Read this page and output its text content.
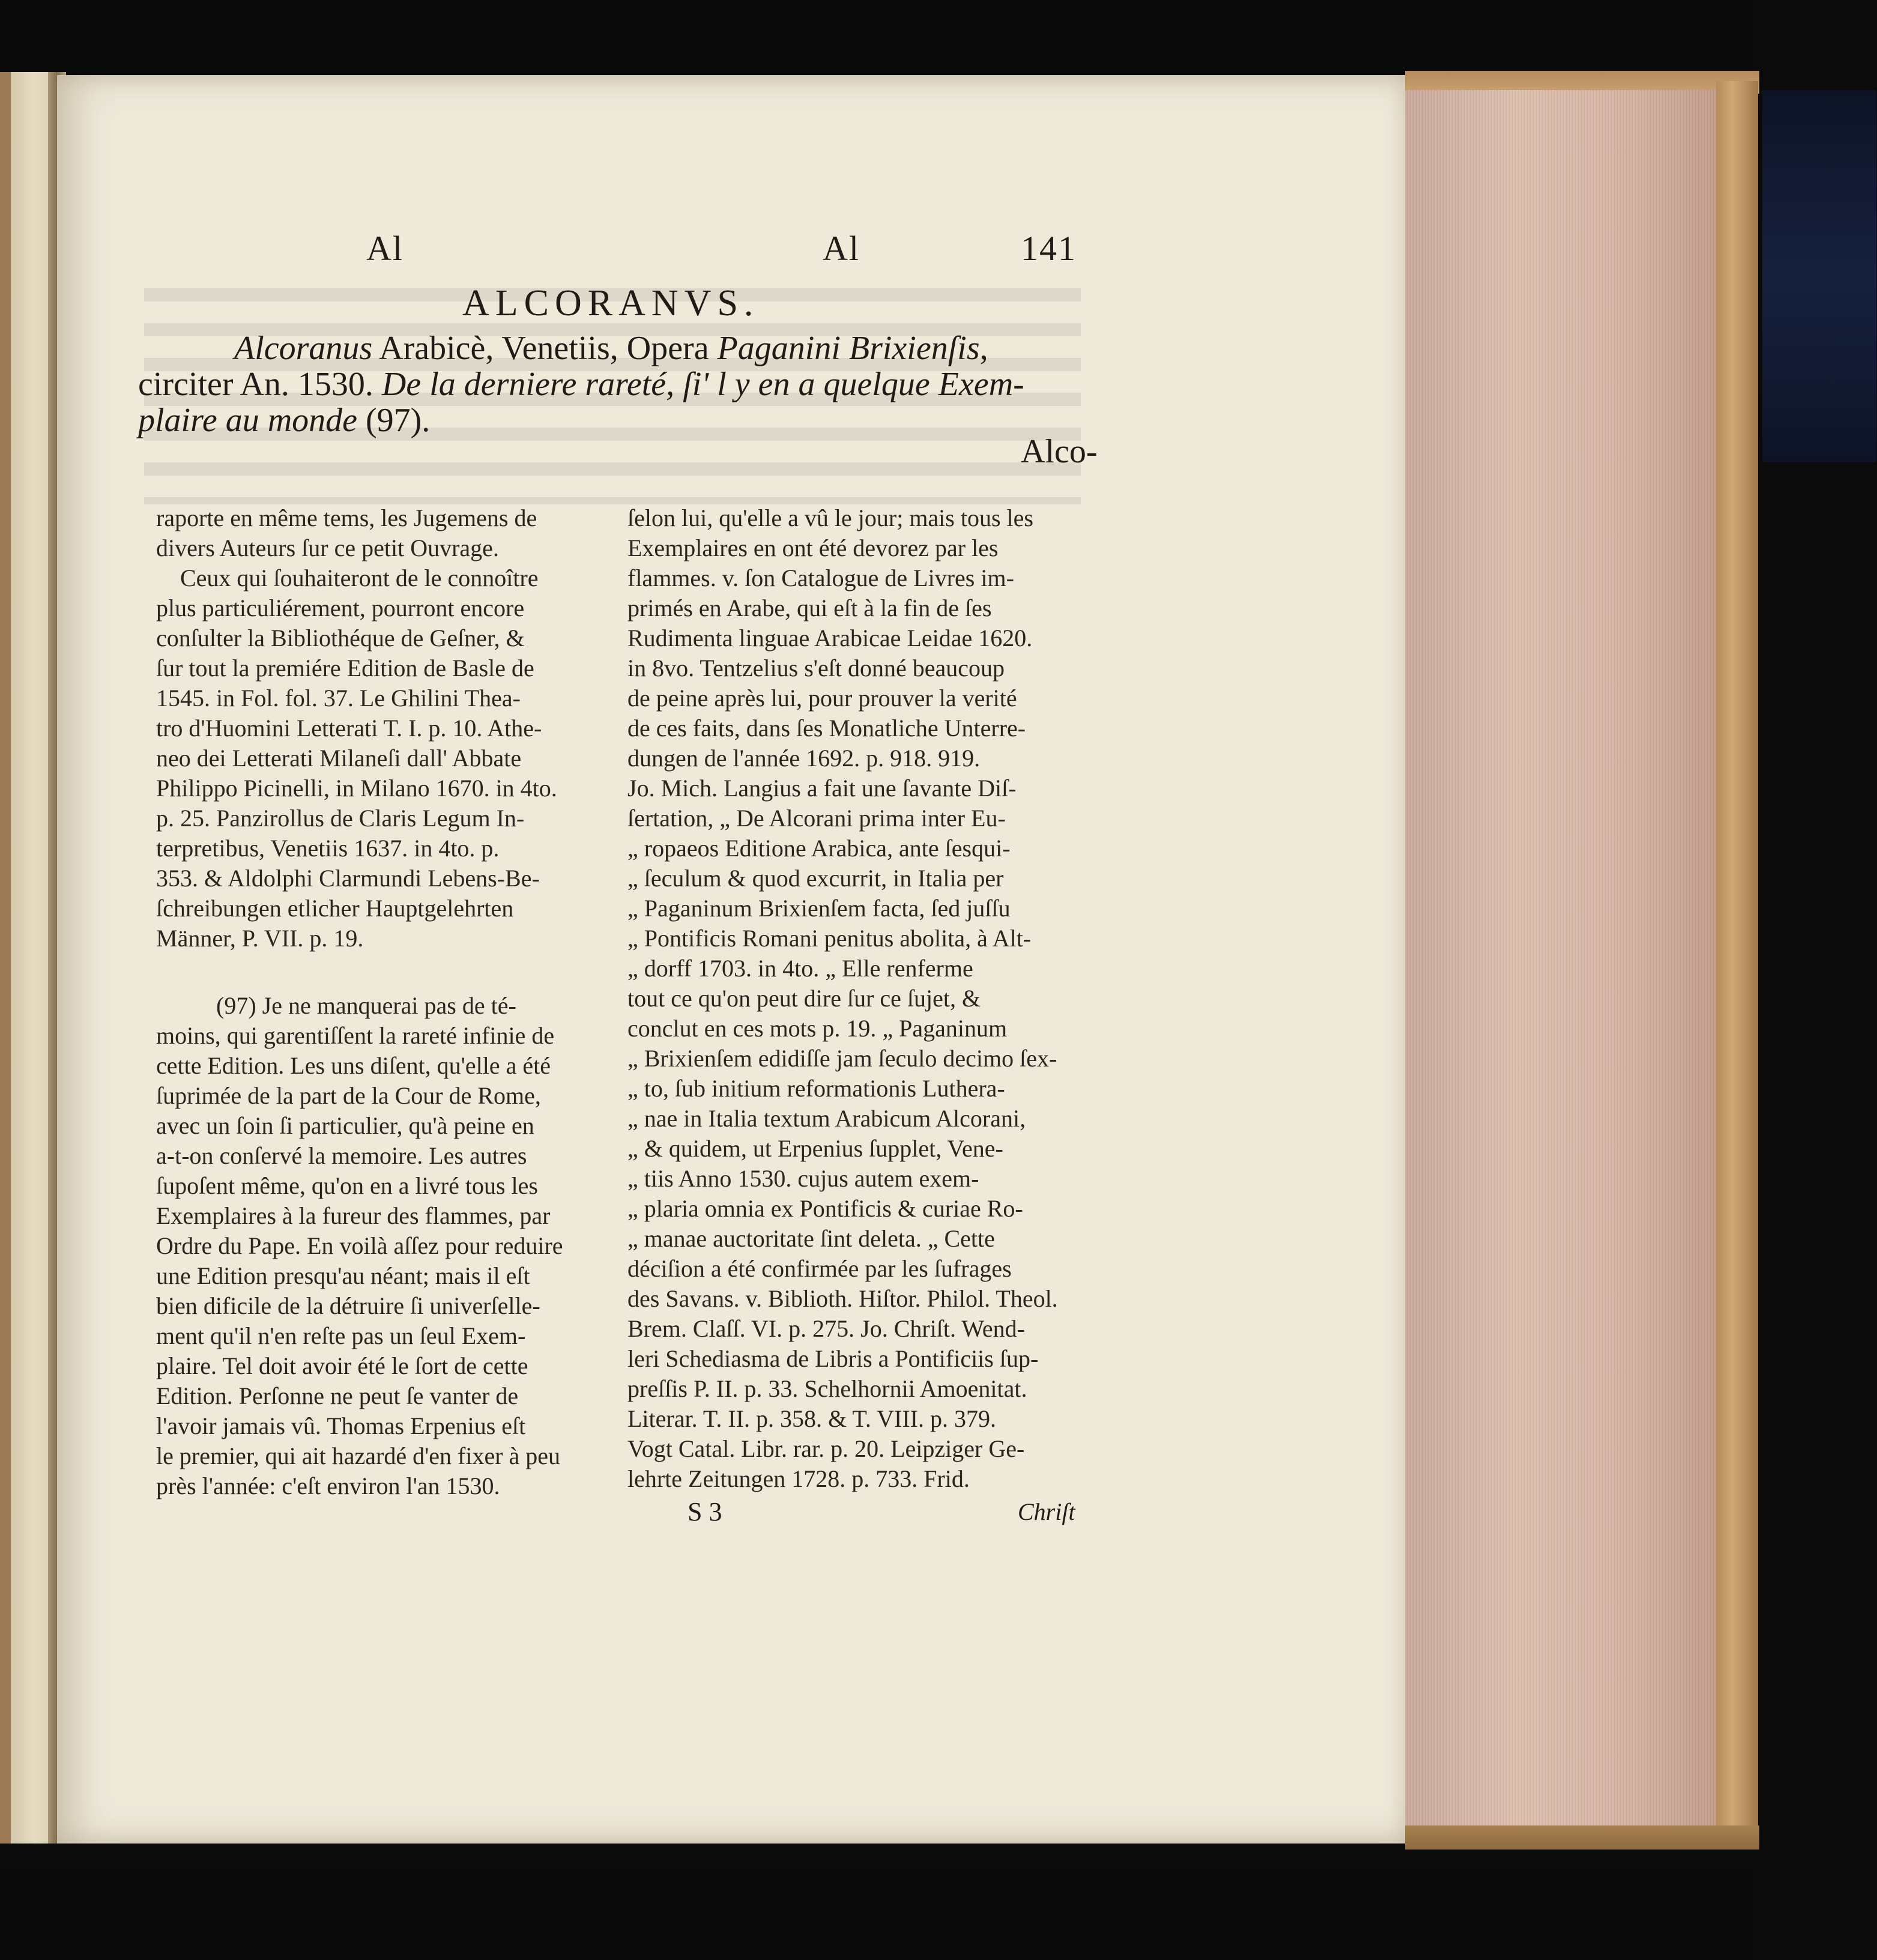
Al	Al	141
ALCORANVS.
Alcoranus Arabicè, Venetiis, Opera Paganini Brixienſis,
circiter An. 1530. De la derniere rareté, ſi' l y en a quelque Exem-
plaire au monde (97).
Alco-
raporte en même tems, les Jugemens de
divers Auteurs ſur ce petit Ouvrage.
Ceux qui ſouhaiteront de le connoître
plus particuliérement, pourront encore
conſulter la Bibliothéque de Geſner, &
ſur tout la premiére Edition de Basle de
1545. in Fol. fol. 37. Le Ghilini Thea-
tro d'Huomini Letterati T. I. p. 10. Athe-
neo dei Letterati Milaneſi dall' Abbate
Philippo Picinelli, in Milano 1670. in 4to.
p. 25. Panzirollus de Claris Legum In-
terpretibus, Venetiis 1637. in 4to. p.
353. & Aldolphi Clarmundi Lebens-Be-
ſchreibungen etlicher Hauptgelehrten
Männer, P. VII. p. 19.
(97) Je ne manquerai pas de té-
moins, qui garentiſſent la rareté infinie de
cette Edition. Les uns diſent, qu'elle a été
ſuprimée de la part de la Cour de Rome,
avec un ſoin ſi particulier, qu'à peine en
a-t-on conſervé la memoire. Les autres
ſupoſent même, qu'on en a livré tous les
Exemplaires à la fureur des flammes, par
Ordre du Pape. En voilà aſſez pour reduire
une Edition presqu'au néant; mais il eſt
bien dificile de la détruire ſi univerſelle-
ment qu'il n'en reſte pas un ſeul Exem-
plaire. Tel doit avoir été le ſort de cette
Edition. Perſonne ne peut ſe vanter de
l'avoir jamais vû. Thomas Erpenius eſt
le premier, qui ait hazardé d'en fixer à peu
près l'année: c'eſt environ l'an 1530.
ſelon lui, qu'elle a vû le jour; mais tous les
Exemplaires en ont été devorez par les
flammes. v. ſon Catalogue de Livres im-
primés en Arabe, qui eſt à la fin de ſes
Rudimenta linguae Arabicae Leidae 1620.
in 8vo. Tentzelius s'eſt donné beaucoup
de peine après lui, pour prouver la verité
de ces faits, dans ſes Monatliche Unterre-
dungen de l'année 1692. p. 918. 919.
Jo. Mich. Langius a fait une ſavante Diſ-
ſertation, „ De Alcorani prima inter Eu-
„ ropaeos Editione Arabica, ante ſesqui-
„ ſeculum & quod excurrit, in Italia per
„ Paganinum Brixienſem facta, ſed juſſu
„ Pontificis Romani penitus abolita, à Alt-
„ dorff 1703. in 4to. „ Elle renferme
tout ce qu'on peut dire ſur ce ſujet, &
conclut en ces mots p. 19. „ Paganinum
„ Brixienſem edidiſſe jam ſeculo decimo ſex-
„ to, ſub initium reformationis Luthera-
„ nae in Italia textum Arabicum Alcorani,
„ & quidem, ut Erpenius ſupplet, Vene-
„ tiis Anno 1530. cujus autem exem-
„ plaria omnia ex Pontificis & curiae Ro-
„ manae auctoritate ſint deleta. „ Cette
déciſion a été confirmée par les ſufrages
des Savans. v. Biblioth. Hiſtor. Philol. Theol.
Brem. Claſſ. VI. p. 275. Jo. Chriſt. Wend-
leri Schediasma de Libris a Pontificiis ſup-
preſſis P. II. p. 33. Schelhornii Amoenitat.
Literar. T. II. p. 358. & T. VIII. p. 379.
Vogt Catal. Libr. rar. p. 20. Leipziger Ge-
lehrte Zeitungen 1728. p. 733. Frid.
S 3	Chriſt
